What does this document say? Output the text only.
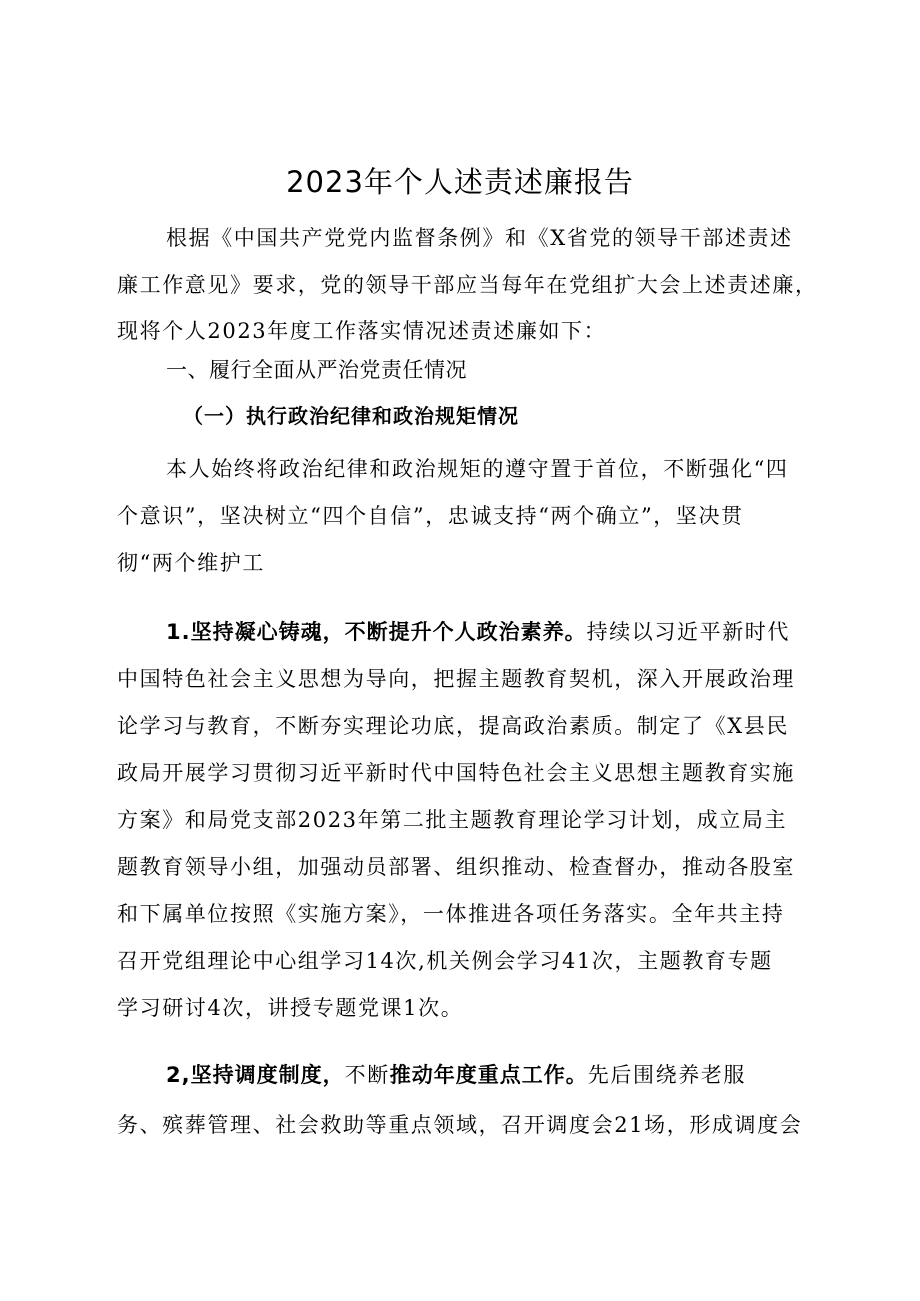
2023年个人述责述廉报告
根据《中国共产党党内监督条例》和《X省党的领导干部述责述
廉工作意见》要求，党的领导干部应当每年在党组扩大会上述责述廉，
现将个人2023年度工作落实情况述责述廉如下：
一、履行全面从严治党责任情况
（一）执行政治纪律和政治规矩情况
本人始终将政治纪律和政治规矩的遵守置于首位，不断强化“四
个意识”，坚决树立“四个自信”，忠诚支持“两个确立”，坚决贯
彻“两个维护工
1.坚持凝心铸魂，不断提升个人政治素养。持续以习近平新时代
中国特色社会主义思想为导向，把握主题教育契机，深入开展政治理
论学习与教育，不断夯实理论功底，提高政治素质。制定了《X县民
政局开展学习贯彻习近平新时代中国特色社会主义思想主题教育实施
方案》和局党支部2023年第二批主题教育理论学习计划，成立局主
题教育领导小组，加强动员部署、组织推动、检查督办，推动各股室
和下属单位按照《实施方案》，一体推进各项任务落实。全年共主持
召开党组理论中心组学习14次,机关例会学习41次，主题教育专题
学习研讨4次，讲授专题党课1次。
2,坚持调度制度，不断推动年度重点工作。先后围绕养老服
务、殡葬管理、社会救助等重点领域，召开调度会21场，形成调度会
